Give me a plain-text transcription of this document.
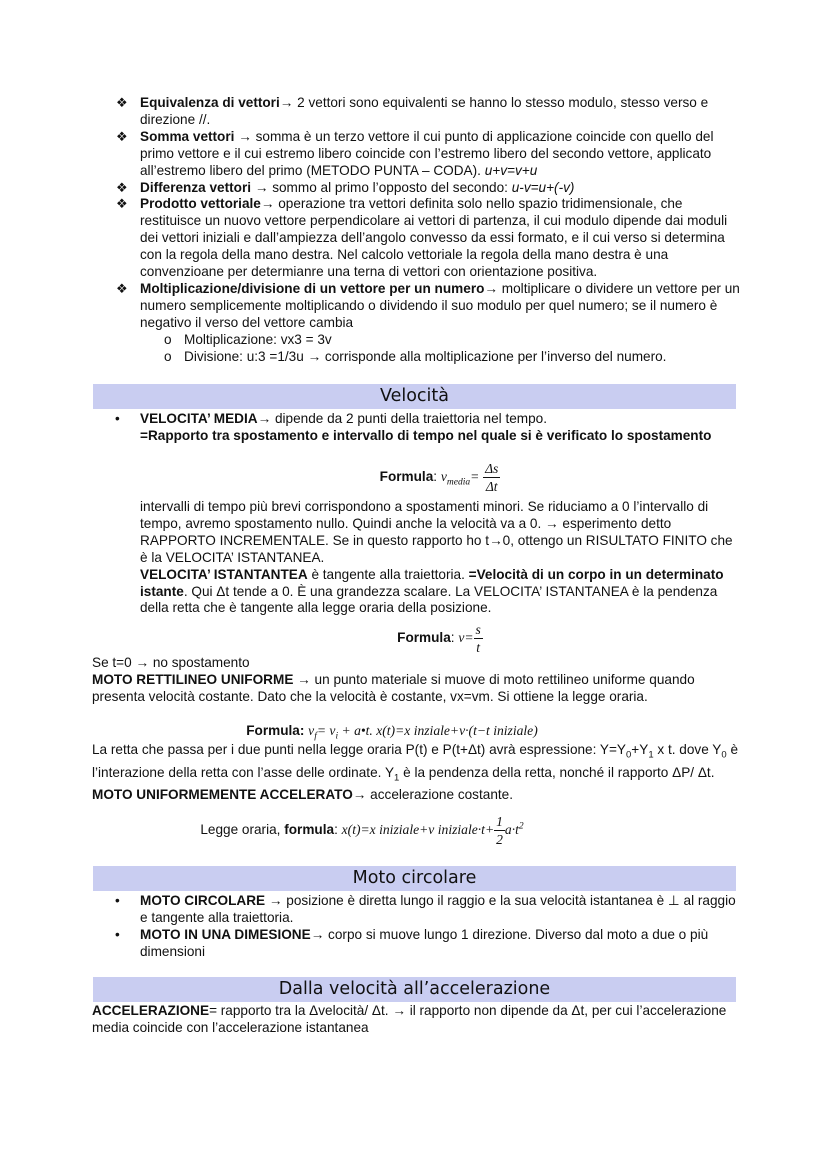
❖ Equivalenza di vettori→ 2 vettori sono equivalenti se hanno lo stesso modulo, stesso verso e direzione //.
❖ Somma vettori → somma è un terzo vettore il cui punto di applicazione coincide con quello del primo vettore e il cui estremo libero coincide con l’estremo libero del secondo vettore, applicato all’estremo libero del primo (METODO PUNTA – CODA). u+v=v+u
❖ Differenza vettori → sommo al primo l’opposto del secondo: u-v=u+(-v)
❖ Prodotto vettoriale→ operazione tra vettori definita solo nello spazio tridimensionale, che restituisce un nuovo vettore perpendicolare ai vettori di partenza, il cui modulo dipende dai moduli dei vettori iniziali e dall’ampiezza dell’angolo convesso da essi formato, e il cui verso si determina con la regola della mano destra. Nel calcolo vettoriale la regola della mano destra è una convenzioane per determianre una terna di vettori con orientazione positiva.
❖ Moltiplicazione/divisione di un vettore per un numero→ moltiplicare o dividere un vettore per un numero semplicemente moltiplicando o dividendo il suo modulo per quel numero; se il numero è negativo il verso del vettore cambia
o Moltiplicazione: vx3 = 3v
o Divisione: u:3 =1/3u → corrisponde alla moltiplicazione per l’inverso del numero.
Velocità
• VELOCITA’ MEDIA→ dipende da 2 punti della traiettoria nel tempo.
=Rapporto tra spostamento e intervallo di tempo nel quale si è verificato lo spostamento
Formula: $v_{media}= \frac{\Delta s}{\Delta t}$
intervalli di tempo più brevi corrispondono a spostamenti minori. Se riduciamo a 0 l’intervallo di tempo, avremo spostamento nullo. Quindi anche la velocità va a 0. → esperimento detto RAPPORTO INCREMENTALE. Se in questo rapporto ho t→0, ottengo un RISULTATO FINITO che è la VELOCITA’ ISTANTANEA.
VELOCITA’ ISTANTANTEA è tangente alla traiettoria. =Velocità di un corpo in un determinato istante. Qui Δt tende a 0. È una grandezza scalare. La VELOCITA’ ISTANTANEA è la pendenza della retta che è tangente alla legge oraria della posizione.
Formula: $v= \frac{s}{t}$
Se t=0 → no spostamento
MOTO RETTILINEO UNIFORME → un punto materiale si muove di moto rettilineo uniforme quando presenta velocità costante. Dato che la velocità è costante, vx=vm. Si ottiene la legge oraria.
Formula: $v_f= v_i$ + a•t. x(t)=x inziale+v·(t−t iniziale)
La retta che passa per i due punti nella legge oraria P(t) e P(t+Δt) avrà espressione: $Y=Y_0+Y_1$ x t. dove $Y_0$ è l’interazione della retta con l’asse delle ordinate. $Y_1$ è la pendenza della retta, nonché il rapporto ΔP/ Δt.
MOTO UNIFORMEMENTE ACCELERATO→ accelerazione costante.
Legge oraria, formula: x(t)=x iniziale+v iniziale·t+ $\frac{1}{2} a\cdot t^2$
Moto circolare
• MOTO CIRCOLARE → posizione è diretta lungo il raggio e la sua velocità istantanea è ⊥ al raggio e tangente alla traiettoria.
• MOTO IN UNA DIMESIONE→ corpo si muove lungo 1 direzione. Diverso dal moto a due o più dimensioni
Dalla velocità all’accelerazione
ACCELERAZIONE= rapporto tra la Δvelocità/ Δt. → il rapporto non dipende da Δt, per cui l’accelerazione media coincide con l’accelerazione istantanea
